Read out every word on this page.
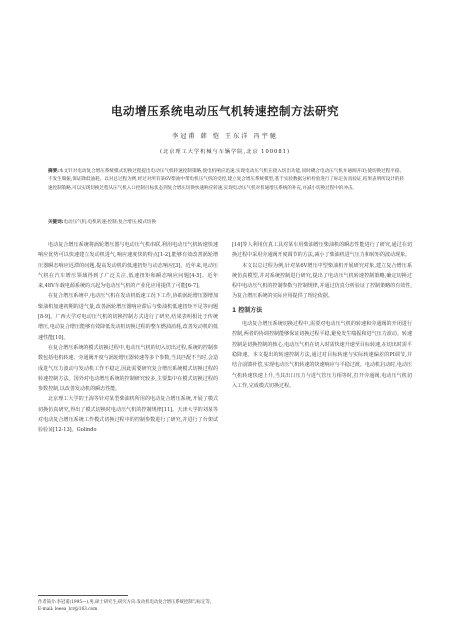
电动增压系统电动压气机转速控制方法研究
李冠甫 韩 恺 王东洋 冯宇驰
(北京理工大学机械与车辆学院,北京 100081)
摘要:本文针对电动复合增压系统模式切换过程提出电动压气机转速控制策略,使电机响应迅速,实现电动压气机在接入切出功能,同时耦合电动压气机并通阀开闭;使切换过程平稳、不发生喘振,保证降低油耗、以对总过程为例,经过对所有某6V柴油中带电机压气机的受控,建立复合增压系统模型,基于实验数据分析检验进行了标定仿真验证,结果表明所设计的转速控制策略,可以实现切换过程从压气机入口控制目标状态到复合增压切换快速响应转速,实现电动压气机对普通增压系统的补充,并减小切换过程中的冲击。
关键词:电动压气机;电机转速;控制;复合增压;模式切换

电动复合增压系统将涡轮增压器与电动压气机串联,利用电动压气机转速快速响应优势可以快速建立发动机进气,响应速度快的特点[1-2],能够有效改善涡轮增压器瞬态响应迟滞的问题,提高发动机的低速扭矩与动态响应[3]。近年来,电动压气机在汽车增压领域得到了广泛关注,低速扭矩和瞬态响应问题[4-5]。近年来,48V车载电源系统的兴起为电动压气机的产业化应用提供了可能[6-7]。

在复合增压系统中,电动压气机在发动机低速工况下工作,协助涡轮增压器增加柴油机加速初期的进气量,改善涡轮增压器响应滞后与柴油机低速扭矩不足等问题[8-9]。广西大学对电动压气机的切换控制方式进行了研究,结果表明相比于传统增压,电动复合增压能够有效降低发动机切换过程的整车燃油消耗,改善发动机的低速性能[10]。

在复合增压系统的模式切换过程中,电动压气机的切入切出过程,系统的控制参数包括电机转速、旁通阀开度与涡轮增压器转速等多个参数,当其匹配不当时,会造成进气压力波动与发动机工作不稳定,因此需要研究复合增压系统模式切换过程的转速控制方法。国外对电动增压系统的控制研究较多,主要集中在模式切换过程的参数控制,以改善发动机的瞬态性能。

北京理工大学的王海等针对某型柴油机所用的电动复合增压系统,开展了模式切换仿真研究,得出了模式切换时电动压气机的控制规律[11]。天津大学的刘某等对电动复合增压系统工作模式切换过程中的控制参数进行了研究,并进行了台架试验验证[12-13]。Golindo

[14]等人利用仿真工具对某车用柴油增压柴油机的瞬态性能进行了研究,通过在切换过程中采用旁通阀开度调节的方法,减小了柴油机进气压力和转矩的波动现象。

本文以总过程为例,针对某6V增压中型柴油机开展研究对象,建立复合增压系统仿真模型,并对系统控制进行研究,提出了电动压气机转速控制策略,确定切换过程中电动压气机的控制参数与控制规律,并通过仿真分析验证了控制策略的有效性,为复合增压系统的实际应用提供了理论依据。

1 控制方法

电动复合增压系统切换过程中,需要对电动压气机的转速和旁通阀的开闭进行控制,两者的协调控制能够保证切换过程平稳,避免发生喘振和进气压力波动。转速控制是切换控制的核心,电动压气机在切入时需快速升速至目标转速,在切出时需平稳降速。本文提出的转速控制方法,通过对目标转速与实际转速偏差的PI调节,并结合前馈补偿,实现电动压气机转速的快速响应与平稳过渡。电动机启动时,电动压气机转速快速上升,当其出口压力与进气管压力相等时,打开旁通阀,电动压气机切入工作,完成模式切换过程。

作者简介:李冠甫(1995—),男,硕士研究生;研究方向:发动机电动复合增压系统控制与标定等。
E-mail: leeea_lcr@163.com
